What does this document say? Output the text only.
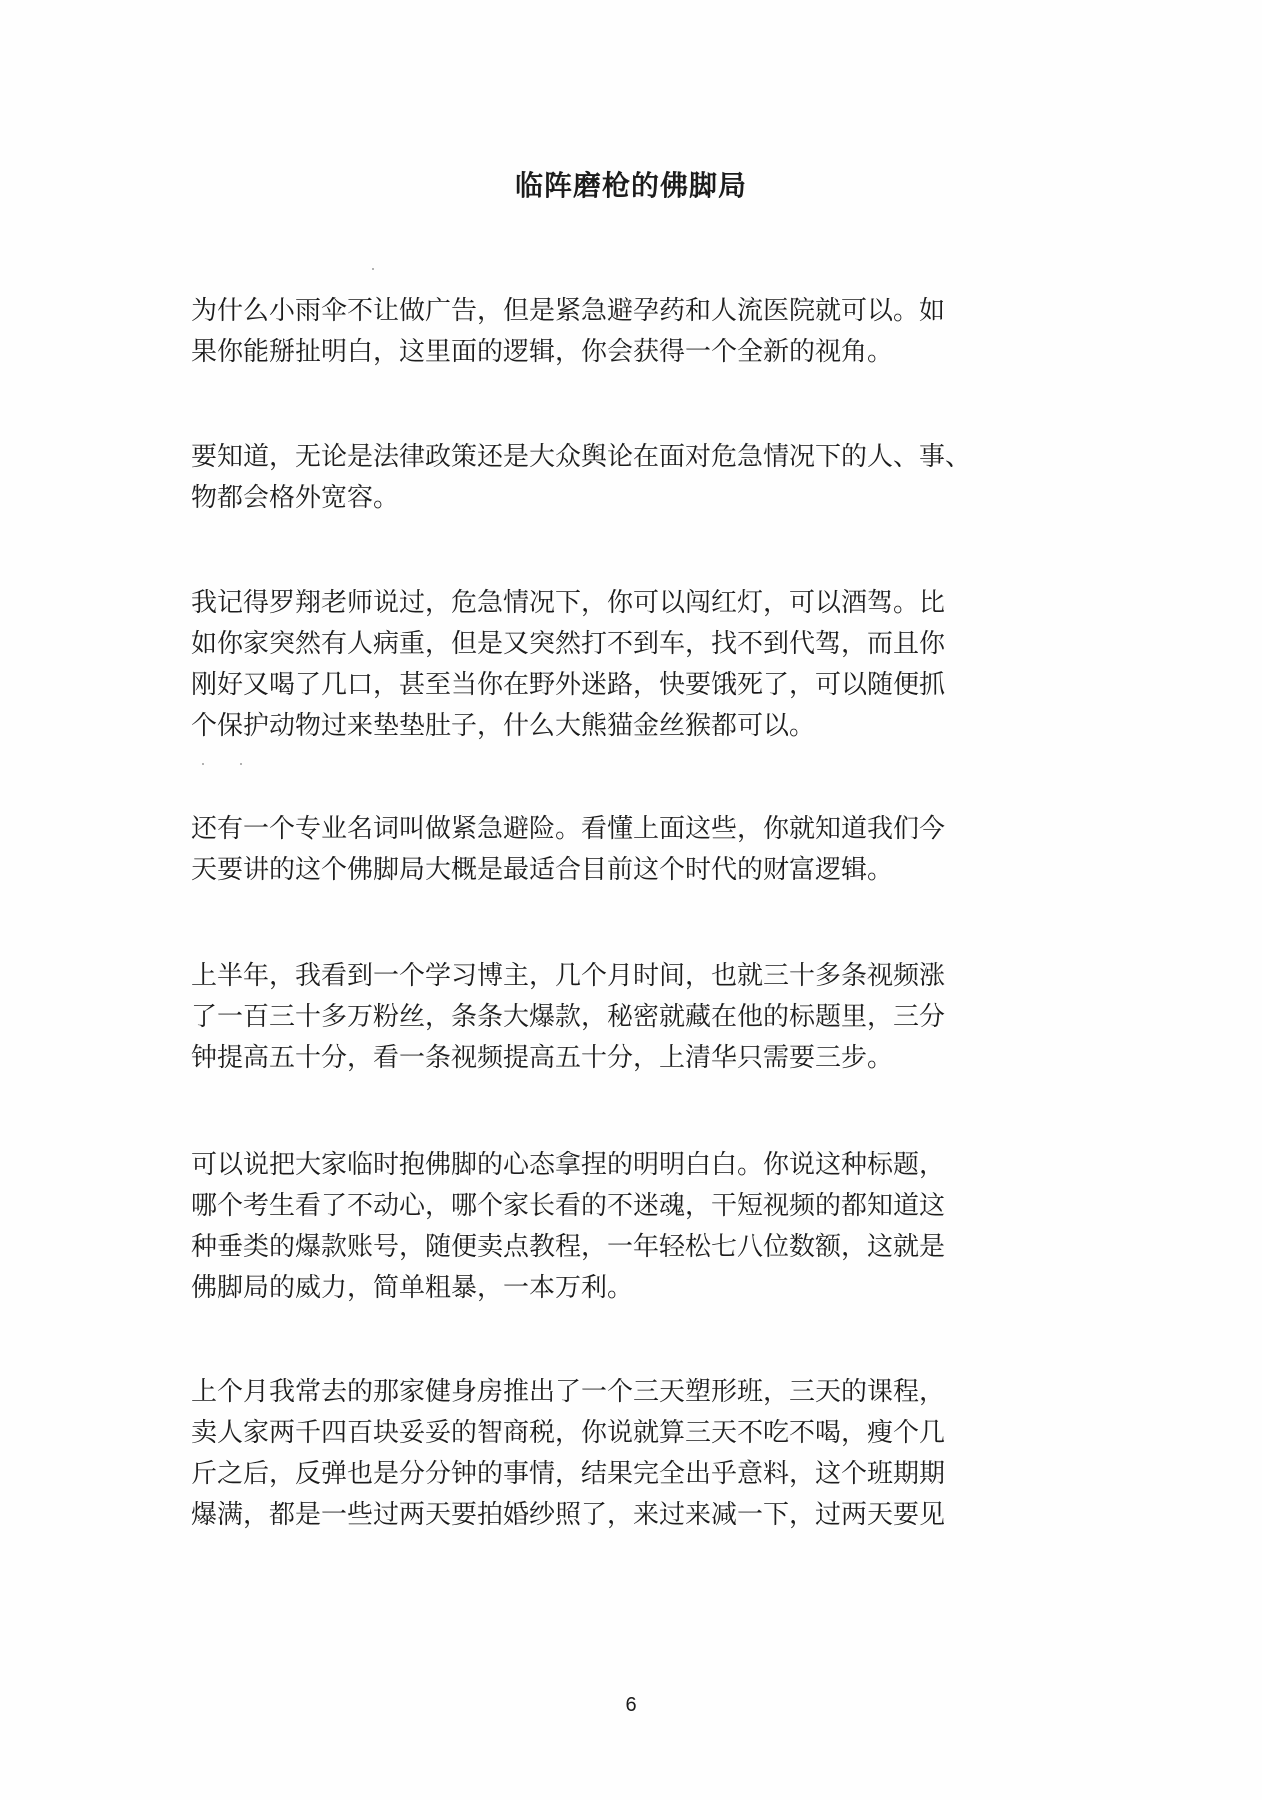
临阵磨枪的佛脚局
为什么小雨伞不让做广告，但是紧急避孕药和人流医院就可以。如
果你能掰扯明白，这里面的逻辑，你会获得一个全新的视角。
要知道，无论是法律政策还是大众舆论在面对危急情况下的人、事、
物都会格外宽容。
我记得罗翔老师说过，危急情况下，你可以闯红灯，可以酒驾。比
如你家突然有人病重，但是又突然打不到车，找不到代驾，而且你
刚好又喝了几口，甚至当你在野外迷路，快要饿死了，可以随便抓
个保护动物过来垫垫肚子，什么大熊猫金丝猴都可以。
还有一个专业名词叫做紧急避险。看懂上面这些，你就知道我们今
天要讲的这个佛脚局大概是最适合目前这个时代的财富逻辑。
上半年，我看到一个学习博主，几个月时间，也就三十多条视频涨
了一百三十多万粉丝，条条大爆款，秘密就藏在他的标题里，三分
钟提高五十分，看一条视频提高五十分，上清华只需要三步。
可以说把大家临时抱佛脚的心态拿捏的明明白白。你说这种标题，
哪个考生看了不动心，哪个家长看的不迷魂，干短视频的都知道这
种垂类的爆款账号，随便卖点教程，一年轻松七八位数额，这就是
佛脚局的威力，简单粗暴，一本万利。
上个月我常去的那家健身房推出了一个三天塑形班，三天的课程，
卖人家两千四百块妥妥的智商税，你说就算三天不吃不喝，瘦个几
斤之后，反弹也是分分钟的事情，结果完全出乎意料，这个班期期
爆满，都是一些过两天要拍婚纱照了，来过来减一下，过两天要见
6
